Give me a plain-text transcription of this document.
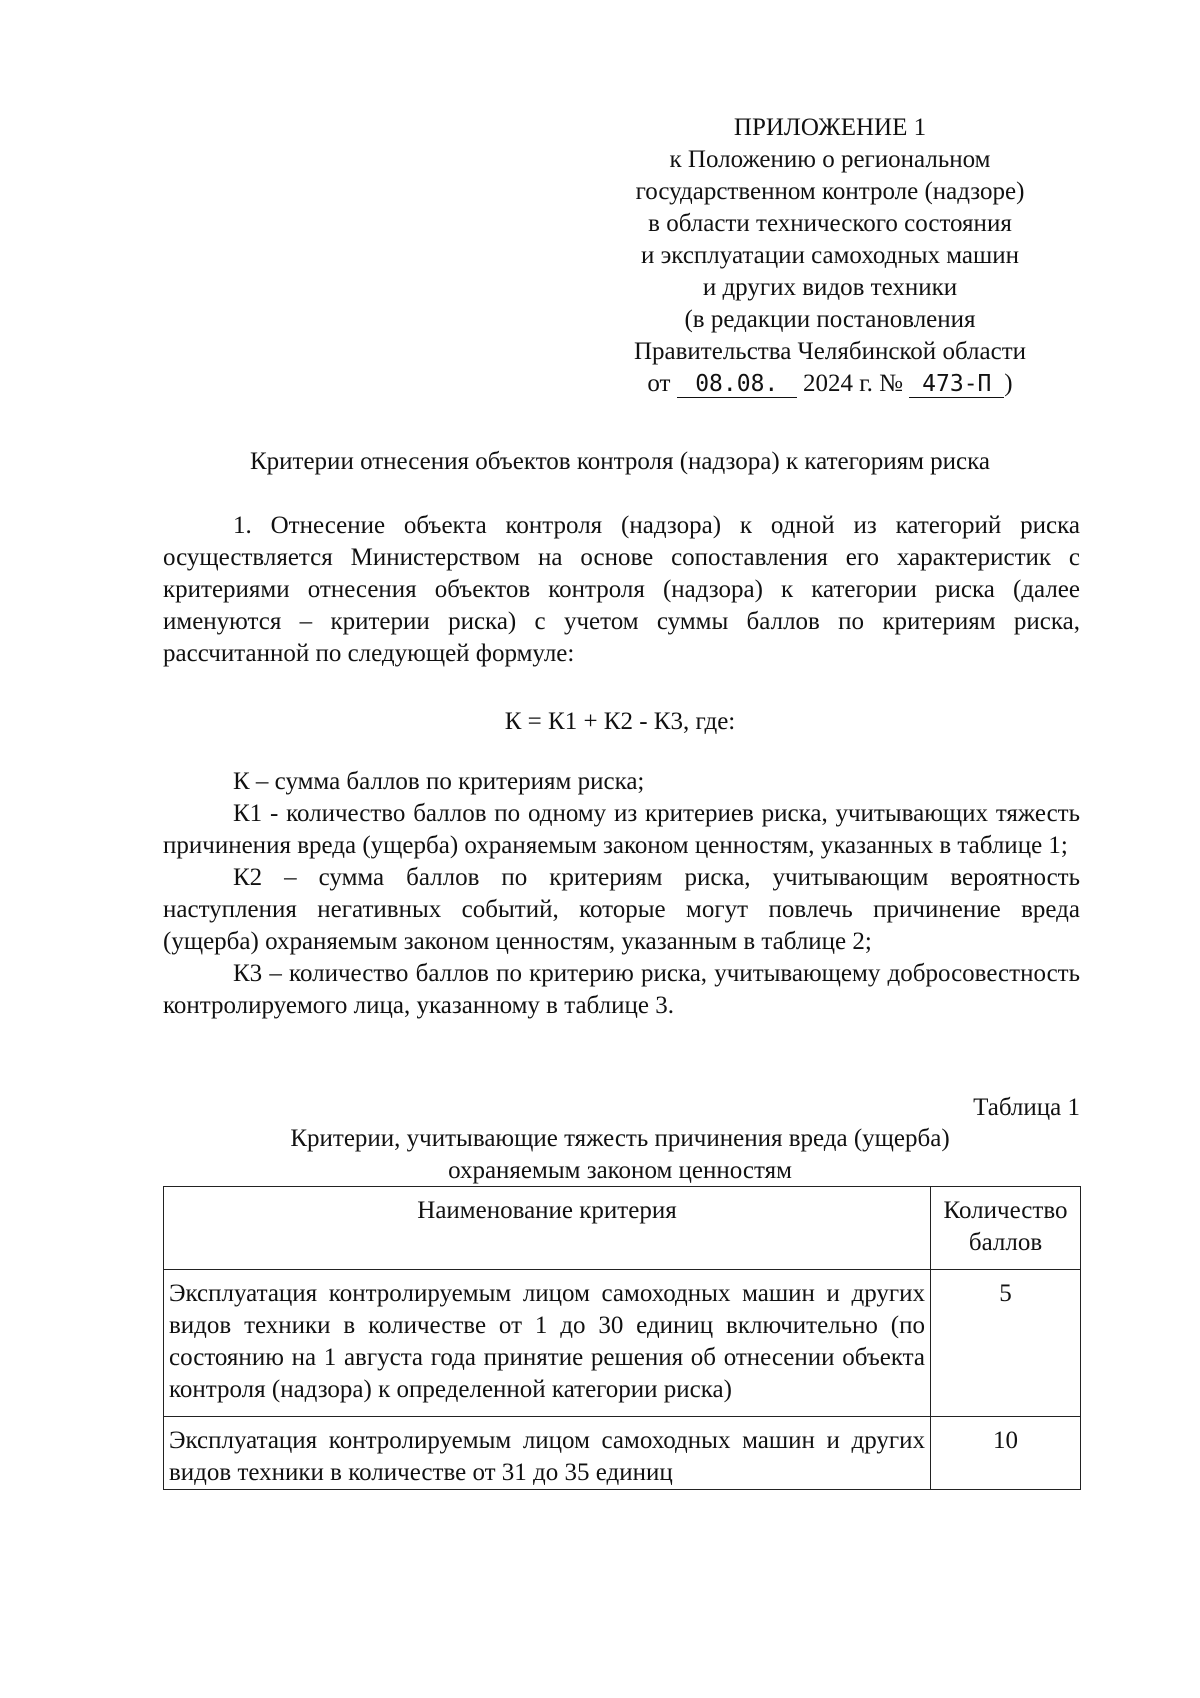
ПРИЛОЖЕНИЕ 1
к Положению о региональном
государственном контроле (надзоре)
в области технического состояния
и эксплуатации самоходных машин
и других видов техники
(в редакции постановления
Правительства Челябинской области
от 08.08. 2024 г. № 473-П )
Критерии отнесения объектов контроля (надзора) к категориям риска
1. Отнесение объекта контроля (надзора) к одной из категорий риска осуществляется Министерством на основе сопоставления его характеристик с критериями отнесения объектов контроля (надзора) к категории риска (далее именуются – критерии риска) с учетом суммы баллов по критериям риска, рассчитанной по следующей формуле:
К = К1 + К2 - К3, где:

К – сумма баллов по критериям риска;

К1 - количество баллов по одному из критериев риска, учитывающих тяжесть причинения вреда (ущерба) охраняемым законом ценностям, указанных в таблице 1;

К2 – сумма баллов по критериям риска, учитывающим вероятность наступления негативных событий, которые могут повлечь причинение вреда (ущерба) охраняемым законом ценностям, указанным в таблице 2;

К3 – количество баллов по критерию риска, учитывающему добросовестность контролируемого лица, указанному в таблице 3.

Таблица 1
Критерии, учитывающие тяжесть причинения вреда (ущерба)
охраняемым законом ценностям
Наименование критерия	Количество баллов
Эксплуатация контролируемым лицом самоходных машин и других видов техники в количестве от 1 до 30 единиц включительно (по состоянию на 1 августа года принятие решения об отнесении объекта контроля (надзора) к определенной категории риска)	5
Эксплуатация контролируемым лицом самоходных машин и других видов техники в количестве от 31 до 35 единиц	10
